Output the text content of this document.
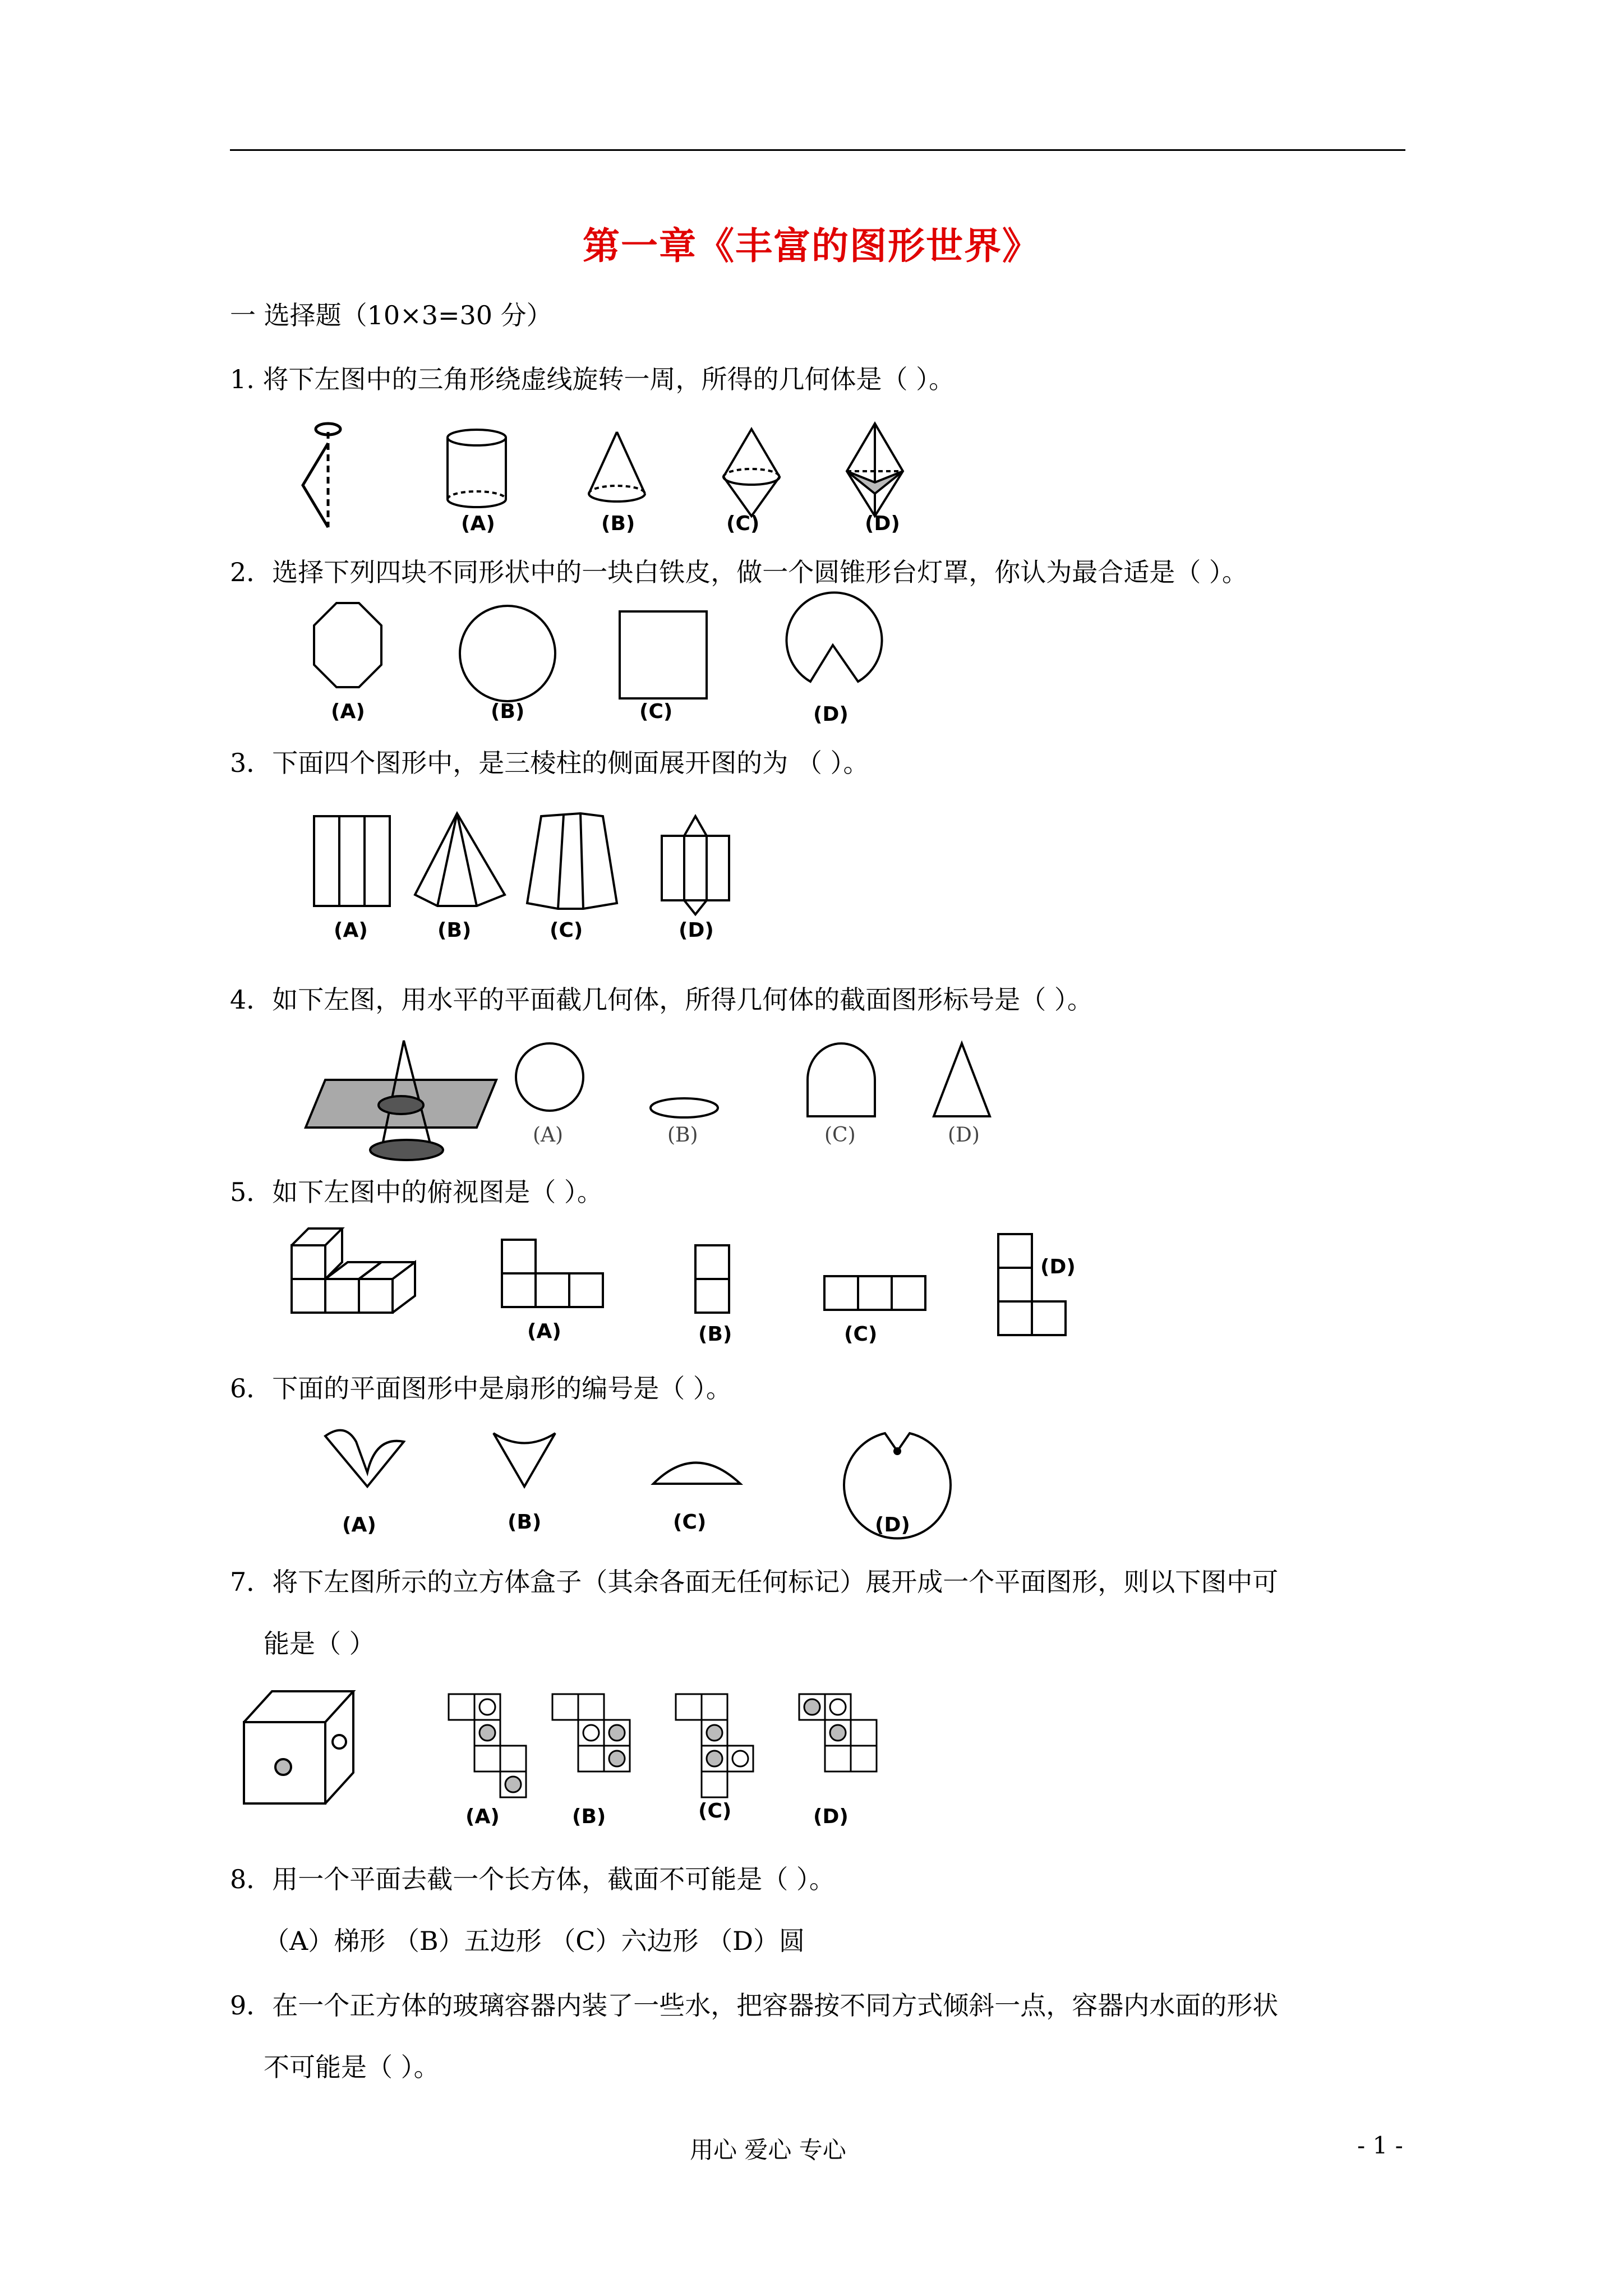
第一章《丰富的图形世界》
一 选择题（10×3=30 分）
1. 将下左图中的三角形绕虚线旋转一周，所得的几何体是（ ）。
(A)	(B)	(C)	(D)
2．选择下列四块不同形状中的一块白铁皮，做一个圆锥形台灯罩，你认为最合适是（ ）。
(A)	(B)	(C)	(D)
3．下面四个图形中，是三棱柱的侧面展开图的为 （ ）。
(A)	(B)	(C)	(D)
4．如下左图，用水平的平面截几何体，所得几何体的截面图形标号是（ ）。
(A)	(B)	(C)	(D)
5．如下左图中的俯视图是（ ）。
(A)	(B)	(C)
(D)
6．下面的平面图形中是扇形的编号是（ ）。
(A)	(B)	(C)	(D)
7．将下左图所示的立方体盒子（其余各面无任何标记）展开成一个平面图形，则以下图中可
能是（ ）
(A)	(B)	(C)	(D)
8．用一个平面去截一个长方体，截面不可能是（ ）。
（A）梯形 （B）五边形 （C）六边形 （D）圆
9．在一个正方体的玻璃容器内装了一些水，把容器按不同方式倾斜一点，容器内水面的形状
不可能是（ ）。
用心 爱心 专心	- 1 -
